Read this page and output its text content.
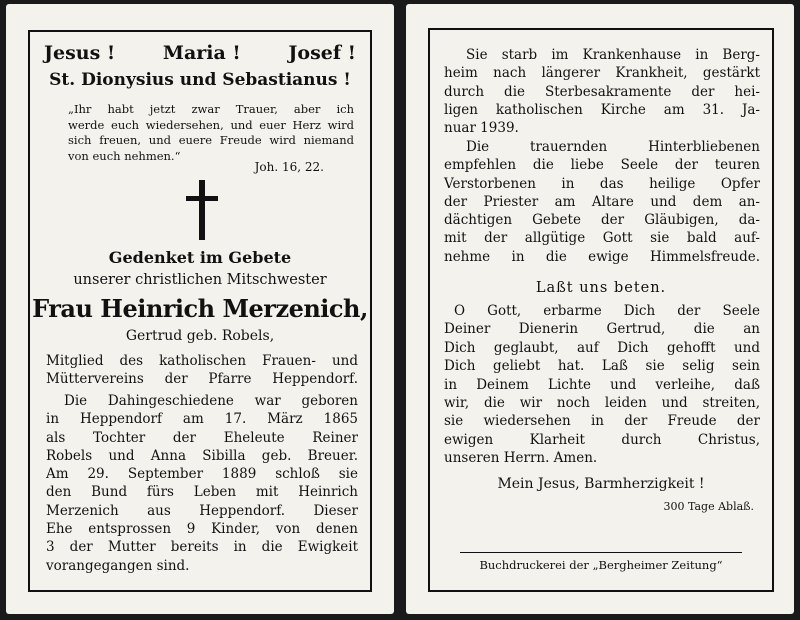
Jesus !	Maria !	Josef !
St. Dionysius und Sebastianus !

„Ihr habt jetzt zwar Trauer, aber ich

werde euch wiedersehen, und euer Herz wird

sich freuen, und euere Freude wird niemand

von euch nehmen.“

Joh. 16, 22.
Gedenket im Gebete
unserer christlichen Mitschwester
Frau Heinrich Merzenich,
Gertrud geb. Robels,

Mitglied des katholischen Frauen- und

Müttervereins der Pfarre Heppendorf.

Die Dahingeschiedene war geboren

in Heppendorf am 17. März 1865

als Tochter der Eheleute Reiner

Robels und Anna Sibilla geb. Breuer.

Am 29. September 1889 schloß sie

den Bund fürs Leben mit Heinrich

Merzenich aus Heppendorf. Dieser

Ehe entsprossen 9 Kinder, von denen

3 der Mutter bereits in die Ewigkeit

vorangegangen sind.

Sie starb im Krankenhause in Berg-

heim nach längerer Krankheit, gestärkt

durch die Sterbesakramente der hei-

ligen katholischen Kirche am 31. Ja-

nuar 1939.

Die trauernden Hinterbliebenen

empfehlen die liebe Seele der teuren

Verstorbenen in das heilige Opfer

der Priester am Altare und dem an-

dächtigen Gebete der Gläubigen, da-

mit der allgütige Gott sie bald auf-

nehme in die ewige Himmelsfreude.

Laßt uns beten.

O Gott, erbarme Dich der Seele

Deiner Dienerin Gertrud, die an

Dich geglaubt, auf Dich gehofft und

Dich geliebt hat. Laß sie selig sein

in Deinem Lichte und verleihe, daß

wir, die wir noch leiden und streiten,

sie wiedersehen in der Freude der

ewigen Klarheit durch Christus,

unseren Herrn. Amen.

Mein Jesus, Barmherzigkeit !
300 Tage Ablaß.
Buchdruckerei der „Bergheimer Zeitung“
